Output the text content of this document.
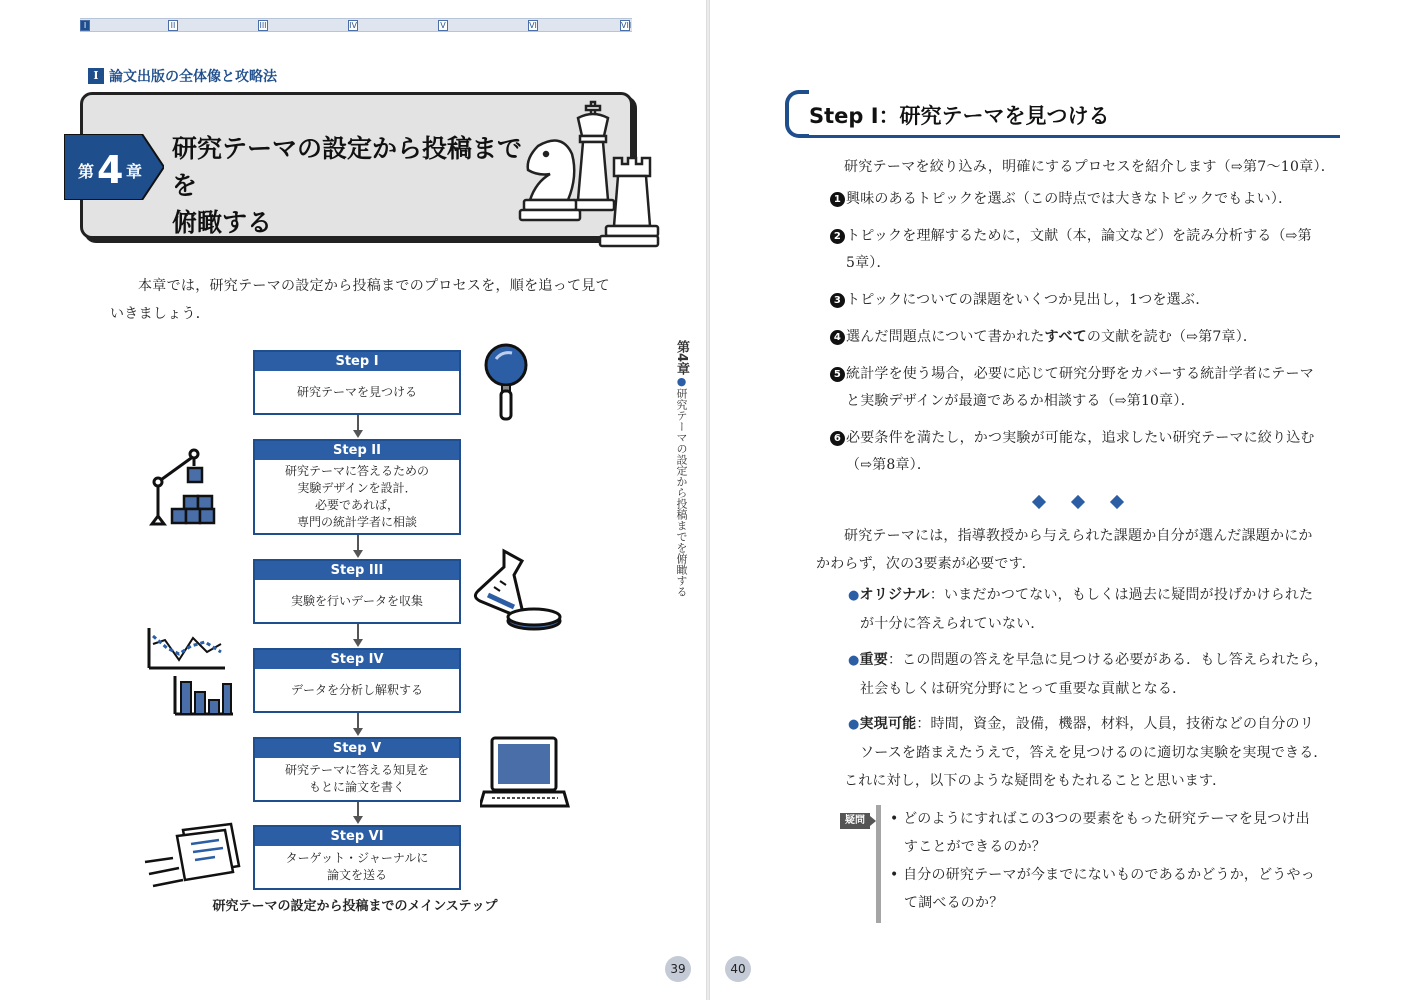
I	II	III	IV	V	VI	VII
I 論文出版の全体像と攻略法
第 4 章
研究テーマの設定から投稿までを
俯瞰する
本章では，研究テーマの設定から投稿までのプロセスを，順を追って見て
いきましょう．
Step I
研究テーマを見つける
Step II
研究テーマに答えるための
実験デザインを設計．
必要であれば，
専門の統計学者に相談
Step III
実験を行いデータを収集
Step IV
データを分析し解釈する
Step V
研究テーマに答える知見を
もとに論文を書く
Step VI
ターゲット・ジャーナルに
論文を送る
研究テーマの設定から投稿までのメインステップ
第4章●研究テーマの設定から投稿までを俯瞰する
39	40
Step I：研究テーマを見つける
研究テーマを絞り込み，明確にするプロセスを紹介します（⇨第7～10章）．
1 興味のあるトピックを選ぶ（この時点では大きなトピックでもよい）．
2 トピックを理解するために，文献（本，論文など）を読み分析する（⇨第
5章）．
3 トピックについての課題をいくつか見出し，1つを選ぶ．
4 選んだ問題点について書かれたすべての文献を読む（⇨第7章）．
5 統計学を使う場合，必要に応じて研究分野をカバーする統計学者にテーマ
と実験デザインが最適であるか相談する（⇨第10章）．
6 必要条件を満たし，かつ実験が可能な，追求したい研究テーマに絞り込む
（⇨第8章）．
研究テーマには，指導教授から与えられた課題か自分が選んだ課題かにか
かわらず，次の3要素が必要です．
●オリジナル：いまだかつてない，もしくは過去に疑問が投げかけられた
が十分に答えられていない．
●重要：この問題の答えを早急に見つける必要がある．もし答えられたら，
社会もしくは研究分野にとって重要な貢献となる．
●実現可能：時間，資金，設備，機器，材料，人員，技術などの自分のリ
ソースを踏まえたうえで，答えを見つけるのに適切な実験を実現できる．
これに対し，以下のような疑問をもたれることと思います．
疑問	• どのようにすればこの3つの要素をもった研究テーマを見つけ出
すことができるのか？
• 自分の研究テーマが今までにないものであるかどうか，どうやっ
て調べるのか？
